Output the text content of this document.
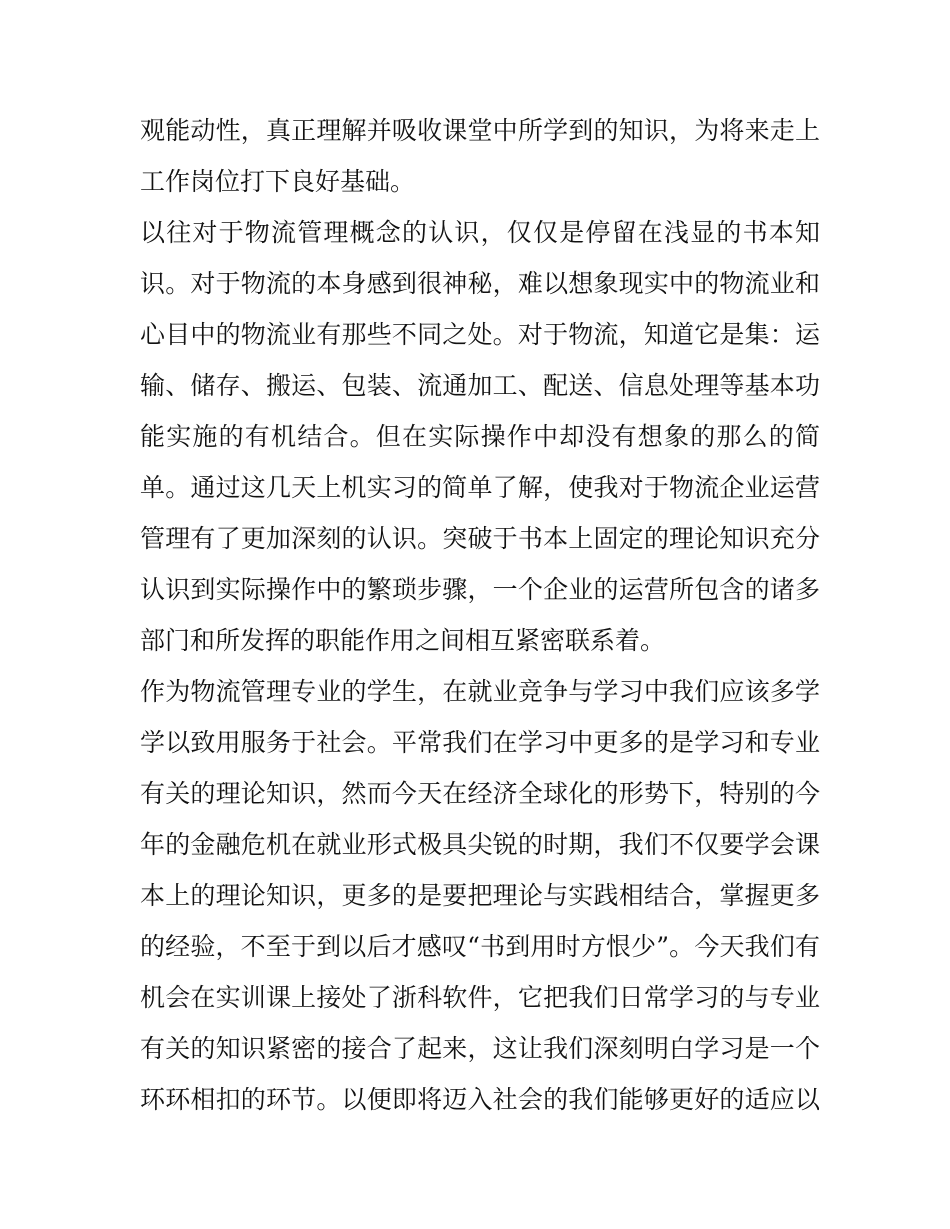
观能动性，真正理解并吸收课堂中所学到的知识，为将来走上
工作岗位打下良好基础。
以往对于物流管理概念的认识，仅仅是停留在浅显的书本知
识。对于物流的本身感到很神秘，难以想象现实中的物流业和
心目中的物流业有那些不同之处。对于物流，知道它是集：运
输、储存、搬运、包装、流通加工、配送、信息处理等基本功
能实施的有机结合。但在实际操作中却没有想象的那么的简
单。通过这几天上机实习的简单了解，使我对于物流企业运营
管理有了更加深刻的认识。突破于书本上固定的理论知识充分
认识到实际操作中的繁琐步骤，一个企业的运营所包含的诸多
部门和所发挥的职能作用之间相互紧密联系着。
作为物流管理专业的学生，在就业竞争与学习中我们应该多学
学以致用服务于社会。平常我们在学习中更多的是学习和专业
有关的理论知识，然而今天在经济全球化的形势下，特别的今
年的金融危机在就业形式极具尖锐的时期，我们不仅要学会课
本上的理论知识，更多的是要把理论与实践相结合，掌握更多
的经验，不至于到以后才感叹“书到用时方恨少”。今天我们有
机会在实训课上接处了浙科软件，它把我们日常学习的与专业
有关的知识紧密的接合了起来，这让我们深刻明白学习是一个
环环相扣的环节。以便即将迈入社会的我们能够更好的适应以
